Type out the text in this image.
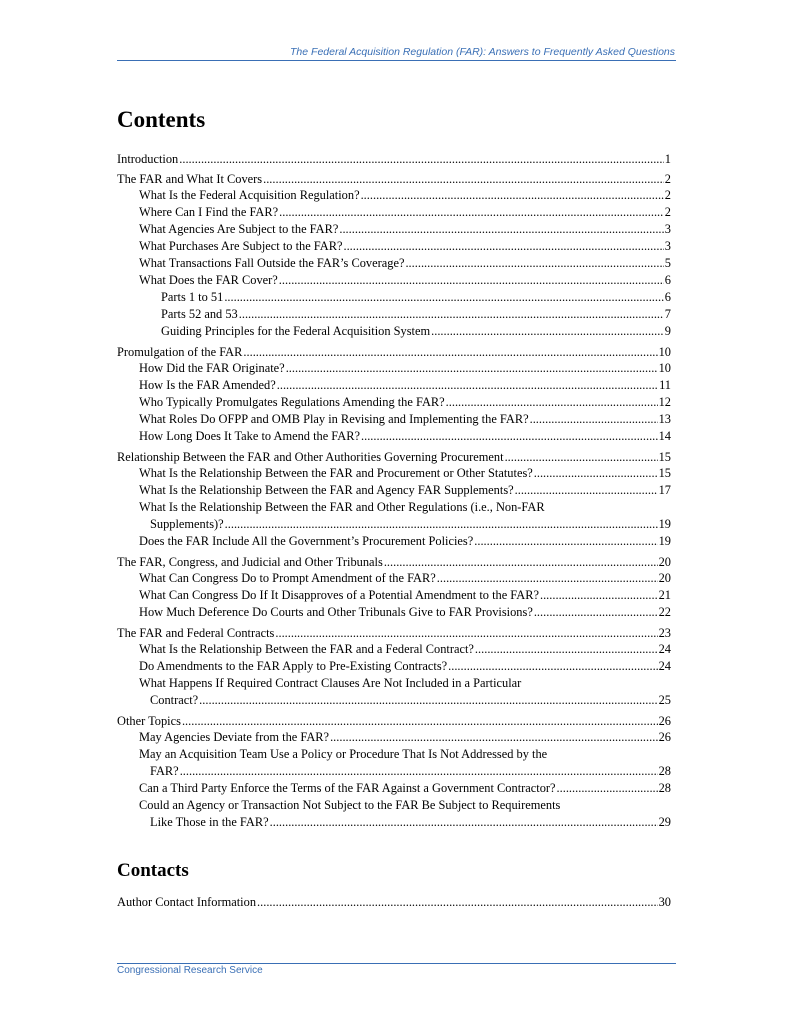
The Federal Acquisition Regulation (FAR): Answers to Frequently Asked Questions
Contents
Introduction .....	1
The FAR and What It Covers .....	2
What Is the Federal Acquisition Regulation? .....	2
Where Can I Find the FAR? .....	2
What Agencies Are Subject to the FAR? .....	3
What Purchases Are Subject to the FAR? .....	3
What Transactions Fall Outside the FAR’s Coverage? .....	5
What Does the FAR Cover? .....	6
Parts 1 to 51 .....	6
Parts 52 and 53 .....	7
Guiding Principles for the Federal Acquisition System .....	9
Promulgation of the FAR .....	10
How Did the FAR Originate? .....	10
How Is the FAR Amended? .....	11
Who Typically Promulgates Regulations Amending the FAR? .....	12
What Roles Do OFPP and OMB Play in Revising and Implementing the FAR? .....	13
How Long Does It Take to Amend the FAR? .....	14
Relationship Between the FAR and Other Authorities Governing Procurement .....	15
What Is the Relationship Between the FAR and Procurement or Other Statutes? .....	15
What Is the Relationship Between the FAR and Agency FAR Supplements? .....	17
What Is the Relationship Between the FAR and Other Regulations (i.e., Non-FAR
Supplements)? .....	19
Does the FAR Include All the Government’s Procurement Policies? .....	19
The FAR, Congress, and Judicial and Other Tribunals .....	20
What Can Congress Do to Prompt Amendment of the FAR? .....	20
What Can Congress Do If It Disapproves of a Potential Amendment to the FAR? .....	21
How Much Deference Do Courts and Other Tribunals Give to FAR Provisions? .....	22
The FAR and Federal Contracts .....	23
What Is the Relationship Between the FAR and a Federal Contract? .....	24
Do Amendments to the FAR Apply to Pre-Existing Contracts? .....	24
What Happens If Required Contract Clauses Are Not Included in a Particular
Contract? .....	25
Other Topics .....	26
May Agencies Deviate from the FAR? .....	26
May an Acquisition Team Use a Policy or Procedure That Is Not Addressed by the
FAR? .....	28
Can a Third Party Enforce the Terms of the FAR Against a Government Contractor? .....	28
Could an Agency or Transaction Not Subject to the FAR Be Subject to Requirements
Like Those in the FAR? .....	29
Contacts
Author Contact Information .....	30
Congressional Research Service
